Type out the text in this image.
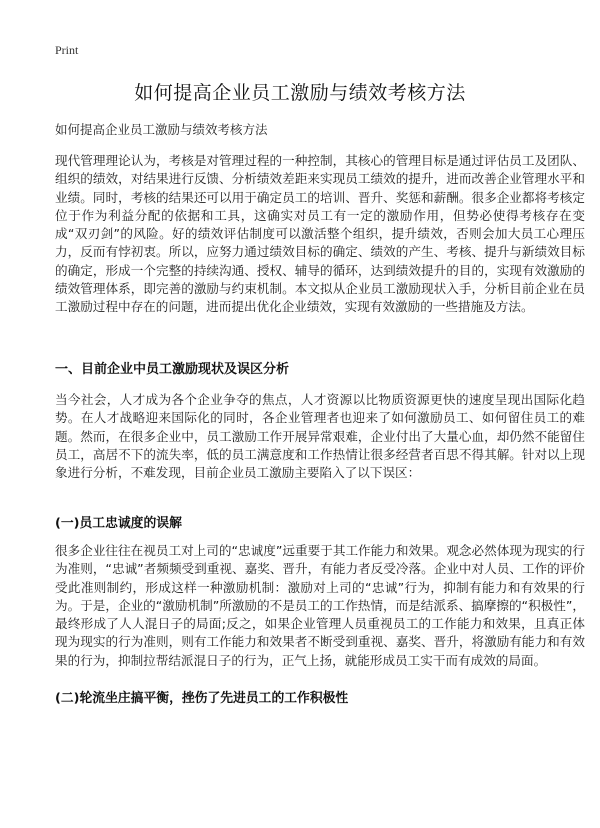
Print
如何提高企业员工激励与绩效考核方法

如何提高企业员工激励与绩效考核方法

现代管理理论认为，考核是对管理过程的一种控制，其核心的管理目标是通过评估员工及团队、组织的绩效，对结果进行反馈、分析绩效差距来实现员工绩效的提升，进而改善企业管理水平和业绩。同时，考核的结果还可以用于确定员工的培训、晋升、奖惩和薪酬。很多企业都将考核定位于作为利益分配的依据和工具，这确实对员工有一定的激励作用，但势必使得考核存在变成“双刃剑”的风险。好的绩效评估制度可以激活整个组织，提升绩效，否则会加大员工心理压力，反而有悖初衷。所以，应努力通过绩效目标的确定、绩效的产生、考核、提升与新绩效目标的确定，形成一个完整的持续沟通、授权、辅导的循环，达到绩效提升的目的，实现有效激励的绩效管理体系，即完善的激励与约束机制。本文拟从企业员工激励现状入手，分析目前企业在员工激励过程中存在的问题，进而提出优化企业绩效，实现有效激励的一些措施及方法。

一、目前企业中员工激励现状及误区分析

当今社会，人才成为各个企业争夺的焦点，人才资源以比物质资源更快的速度呈现出国际化趋势。在人才战略迎来国际化的同时，各企业管理者也迎来了如何激励员工、如何留住员工的难题。然而，在很多企业中，员工激励工作开展异常艰难，企业付出了大量心血，却仍然不能留住员工，高居不下的流失率，低的员工满意度和工作热情让很多经营者百思不得其解。针对以上现象进行分析，不难发现，目前企业员工激励主要陷入了以下误区：

(一)员工忠诚度的误解

很多企业往往在视员工对上司的“忠诚度”远重要于其工作能力和效果。观念必然体现为现实的行为准则，“忠诚”者频频受到重视、嘉奖、晋升，有能力者反受冷落。企业中对人员、工作的评价受此准则制约，形成这样一种激励机制：激励对上司的“忠诚”行为，抑制有能力和有效果的行为。于是，企业的“激励机制”所激励的不是员工的工作热情，而是结派系、搞摩擦的“积极性”，最终形成了人人混日子的局面;反之，如果企业管理人员重视员工的工作能力和效果，且真正体现为现实的行为准则，则有工作能力和效果者不断受到重视、嘉奖、晋升，将激励有能力和有效果的行为，抑制拉帮结派混日子的行为，正气上扬，就能形成员工实干而有成效的局面。

(二)轮流坐庄搞平衡，挫伤了先进员工的工作积极性
